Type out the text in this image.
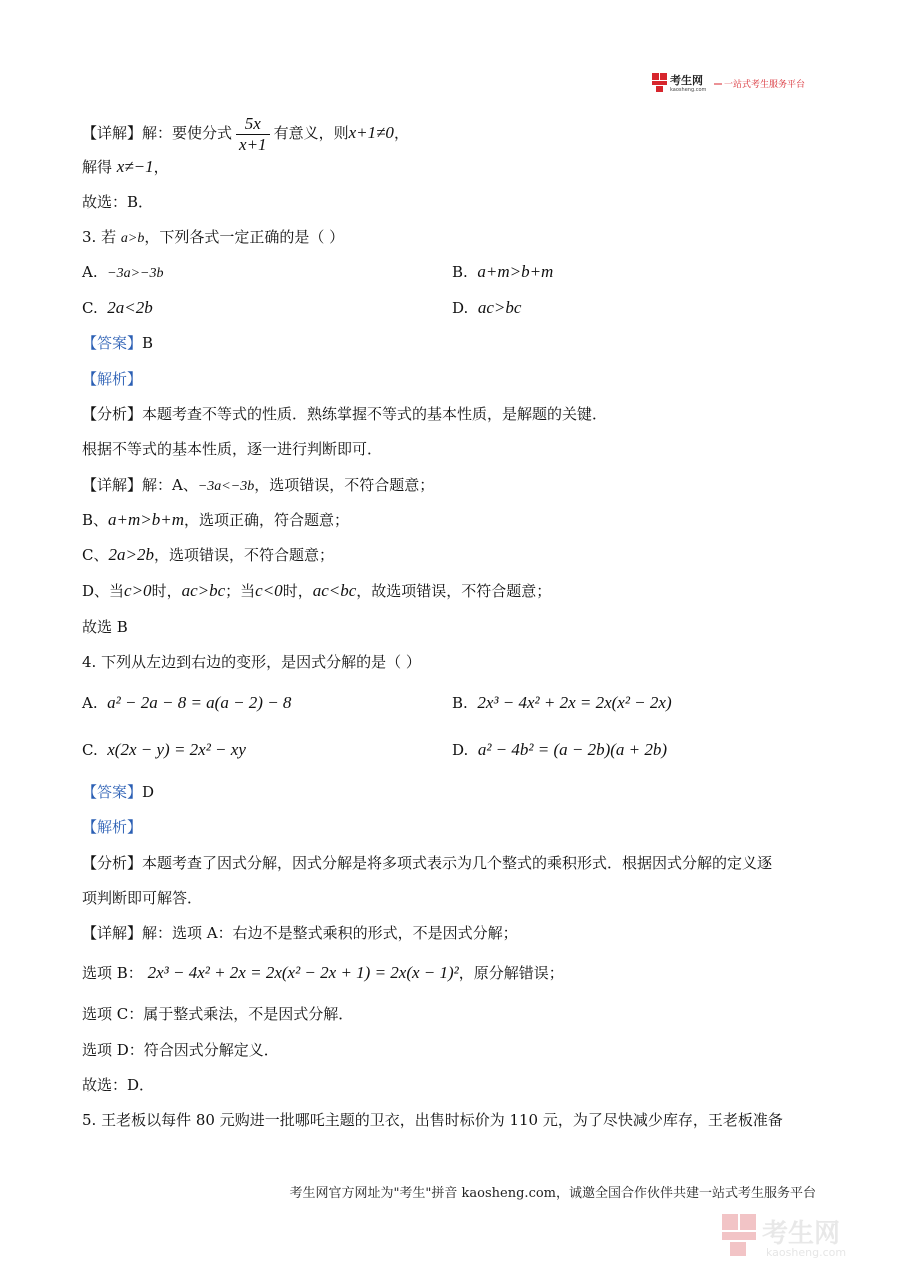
考生网
kaosheng.com 一站式考生服务平台
【详解】解：要使分式 $\frac{5x}{x+1}$ 有意义，则x+1≠0，
解得 x≠−1，
故选：B．
3. 若 a>b，下列各式一定正确的是（ ）
A. −3a>−3b	B. a+m>b+m
C. 2a<2b	D. ac>bc
【答案】B
【解析】
【分析】本题考查不等式的性质．熟练掌握不等式的基本性质，是解题的关键．
根据不等式的基本性质，逐一进行判断即可．
【详解】解：A、−3a<−3b，选项错误，不符合题意；
B、a+m>b+m，选项正确，符合题意；
C、2a>2b，选项错误，不符合题意；
D、当c>0时，ac>bc；当c<0时，ac<bc，故选项错误，不符合题意；
故选 B
4. 下列从左边到右边的变形，是因式分解的是（ ）
A. a² − 2a − 8 = a(a − 2) − 8	B. 2x³ − 4x² + 2x = 2x(x² − 2x)
C. x(2x − y) = 2x² − xy	D. a² − 4b² = (a − 2b)(a + 2b)
【答案】D
【解析】
【分析】本题考查了因式分解，因式分解是将多项式表示为几个整式的乘积形式．根据因式分解的定义逐
项判断即可解答．
【详解】解：选项 A：右边不是整式乘积的形式，不是因式分解；
选项 B： 2x³ − 4x² + 2x = 2x(x² − 2x + 1) = 2x(x − 1)²，原分解错误；
选项 C：属于整式乘法，不是因式分解．
选项 D：符合因式分解定义．
故选：D．
5. 王老板以每件 80 元购进一批哪吒主题的卫衣，出售时标价为 110 元，为了尽快减少库存，王老板准备
考生网官方网址为"考生"拼音 kaosheng.com，诚邀全国合作伙伴共建一站式考生服务平台
考生网
kaosheng.com
